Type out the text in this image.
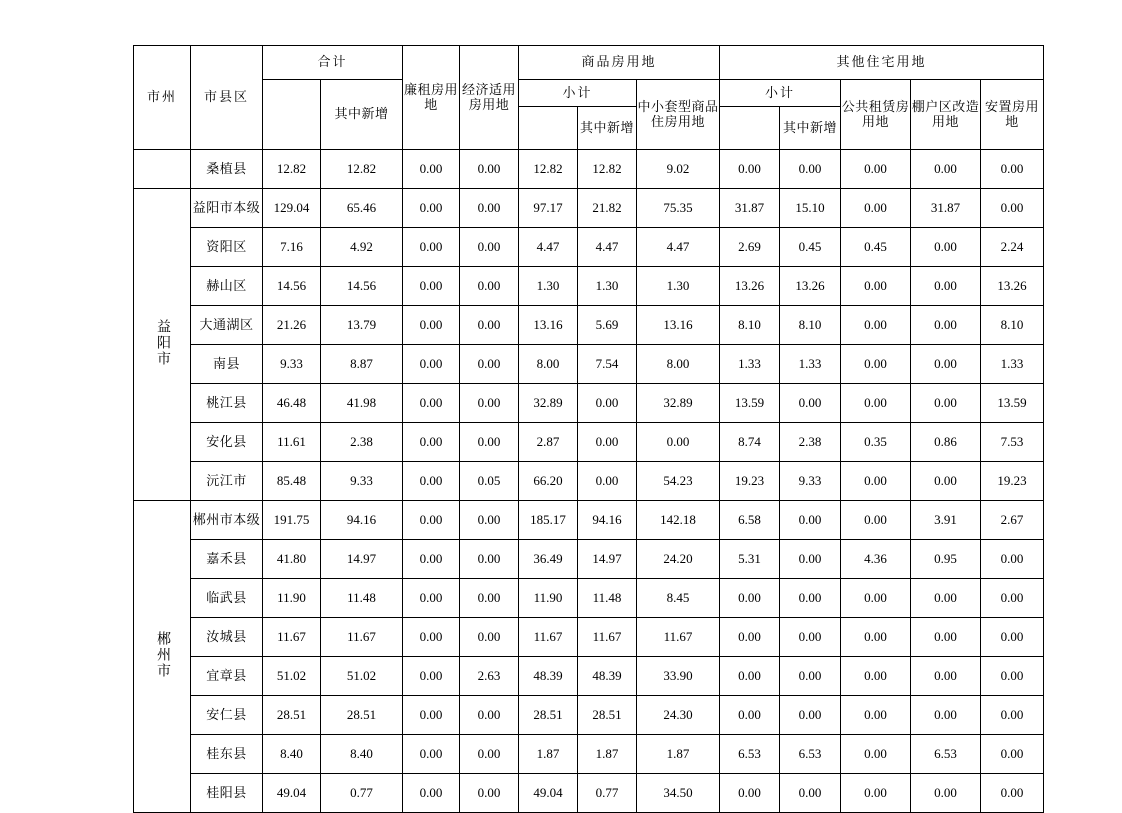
市州	市县区	合计		廉租房用地	经济适用房用地	商品房用地			其他住宅用地				
			其中新增			小计		中小套型商品住房用地	小计		公共租赁房用地	棚户区改造用地	安置房用地
							其中新增			其中新增			
	桑植县	12.82	12.82	0.00	0.00	12.82	12.82	9.02	0.00	0.00	0.00	0.00	0.00
益阳市	益阳市本级	129.04	65.46	0.00	0.00	97.17	21.82	75.35	31.87	15.10	0.00	31.87	0.00
	资阳区	7.16	4.92	0.00	0.00	4.47	4.47	4.47	2.69	0.45	0.45	0.00	2.24
	赫山区	14.56	14.56	0.00	0.00	1.30	1.30	1.30	13.26	13.26	0.00	0.00	13.26
	大通湖区	21.26	13.79	0.00	0.00	13.16	5.69	13.16	8.10	8.10	0.00	0.00	8.10
	南县	9.33	8.87	0.00	0.00	8.00	7.54	8.00	1.33	1.33	0.00	0.00	1.33
	桃江县	46.48	41.98	0.00	0.00	32.89	0.00	32.89	13.59	0.00	0.00	0.00	13.59
	安化县	11.61	2.38	0.00	0.00	2.87	0.00	0.00	8.74	2.38	0.35	0.86	7.53
	沅江市	85.48	9.33	0.00	0.05	66.20	0.00	54.23	19.23	9.33	0.00	0.00	19.23
郴州市	郴州市本级	191.75	94.16	0.00	0.00	185.17	94.16	142.18	6.58	0.00	0.00	3.91	2.67
	嘉禾县	41.80	14.97	0.00	0.00	36.49	14.97	24.20	5.31	0.00	4.36	0.95	0.00
	临武县	11.90	11.48	0.00	0.00	11.90	11.48	8.45	0.00	0.00	0.00	0.00	0.00
	汝城县	11.67	11.67	0.00	0.00	11.67	11.67	11.67	0.00	0.00	0.00	0.00	0.00
	宜章县	51.02	51.02	0.00	2.63	48.39	48.39	33.90	0.00	0.00	0.00	0.00	0.00
	安仁县	28.51	28.51	0.00	0.00	28.51	28.51	24.30	0.00	0.00	0.00	0.00	0.00
	桂东县	8.40	8.40	0.00	0.00	1.87	1.87	1.87	6.53	6.53	0.00	6.53	0.00
	桂阳县	49.04	0.77	0.00	0.00	49.04	0.77	34.50	0.00	0.00	0.00	0.00	0.00
